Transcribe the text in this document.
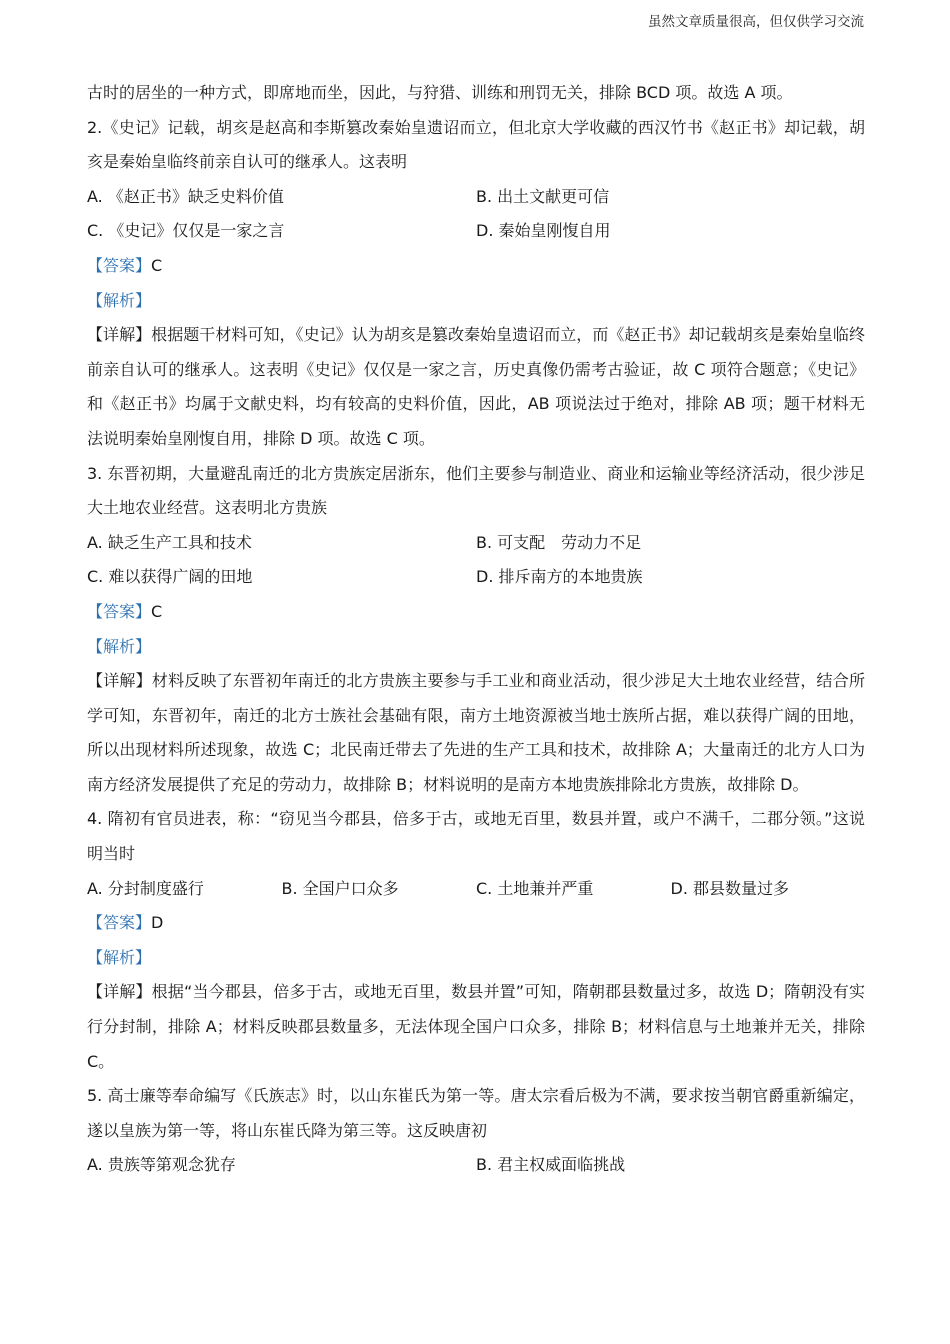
虽然文章质量很高，但仅供学习交流

古时的居坐的一种方式，即席地而坐，因此，与狩猎、训练和刑罚无关，排除 BCD 项。故选 A 项。

2.《史记》记载，胡亥是赵高和李斯篡改秦始皇遗诏而立，但北京大学收藏的西汉竹书《赵正书》却记载，胡亥是秦始皇临终前亲自认可的继承人。这表明

A. 《赵正书》缺乏史料价值	B. 出土文献更可信
C. 《史记》仅仅是一家之言	D. 秦始皇刚愎自用

【答案】C

【解析】

【详解】根据题干材料可知，《史记》认为胡亥是篡改秦始皇遗诏而立，而《赵正书》却记载胡亥是秦始皇临终前亲自认可的继承人。这表明《史记》仅仅是一家之言，历史真像仍需考古验证，故 C 项符合题意；《史记》和《赵正书》均属于文献史料，均有较高的史料价值，因此，AB 项说法过于绝对，排除 AB 项；题干材料无法说明秦始皇刚愎自用，排除 D 项。故选 C 项。

3. 东晋初期，大量避乱南迁的北方贵族定居浙东，他们主要参与制造业、商业和运输业等经济活动，很少涉足大土地农业经营。这表明北方贵族

A. 缺乏生产工具和技术	B. 可支配　劳动力不足
C. 难以获得广阔的田地	D. 排斥南方的本地贵族

【答案】C

【解析】

【详解】材料反映了东晋初年南迁的北方贵族主要参与手工业和商业活动，很少涉足大土地农业经营，结合所学可知，东晋初年，南迁的北方士族社会基础有限，南方土地资源被当地士族所占据，难以获得广阔的田地，所以出现材料所述现象，故选 C；北民南迁带去了先进的生产工具和技术，故排除 A；大量南迁的北方人口为南方经济发展提供了充足的劳动力，故排除 B；材料说明的是南方本地贵族排除北方贵族，故排除 D。

4. 隋初有官员进表，称：“窃见当今郡县，倍多于古，或地无百里，数县并置，或户不满千，二郡分领。”这说明当时

A. 分封制度盛行	B. 全国户口众多	C. 土地兼并严重	D. 郡县数量过多

【答案】D

【解析】

【详解】根据“当今郡县，倍多于古，或地无百里，数县并置”可知，隋朝郡县数量过多，故选 D；隋朝没有实行分封制，排除 A；材料反映郡县数量多，无法体现全国户口众多，排除 B；材料信息与土地兼并无关，排除 C。

5. 高士廉等奉命编写《氏族志》时，以山东崔氏为第一等。唐太宗看后极为不满，要求按当朝官爵重新编定，遂以皇族为第一等，将山东崔氏降为第三等。这反映唐初

A. 贵族等第观念犹存	B. 君主权威面临挑战
